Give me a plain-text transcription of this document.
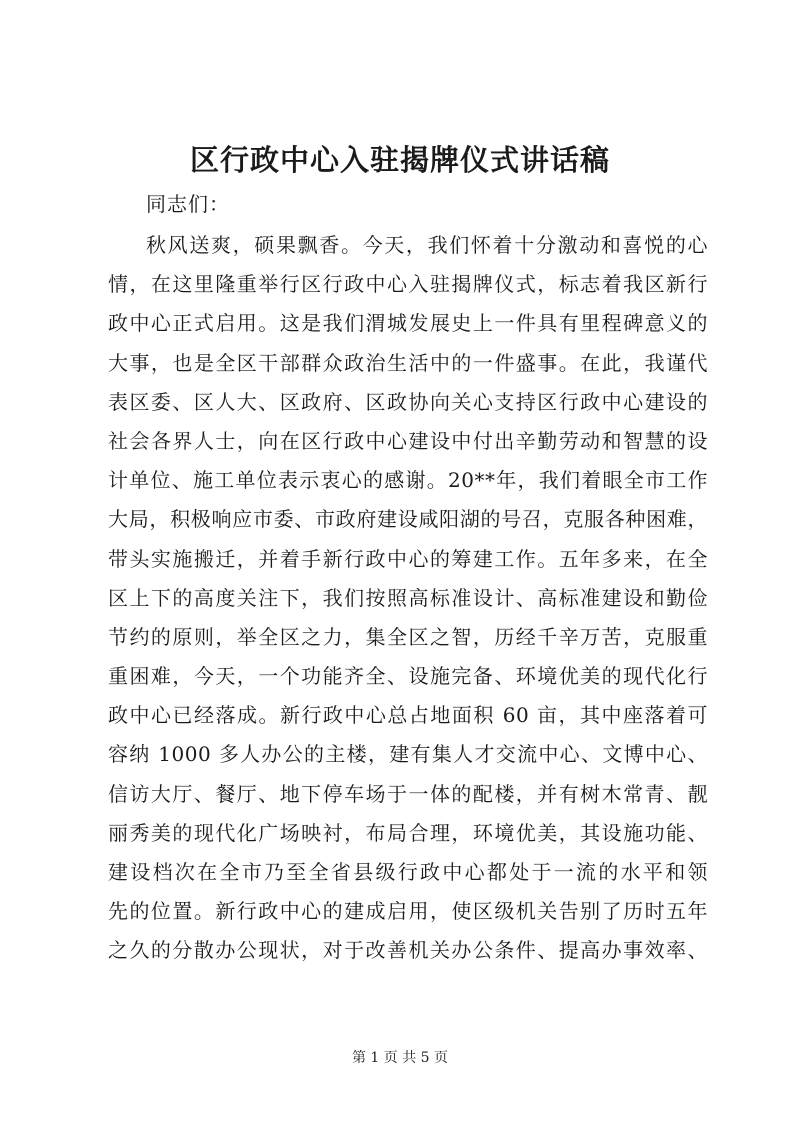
区行政中心入驻揭牌仪式讲话稿

同志们：

秋风送爽，硕果飘香。今天，我们怀着十分激动和喜悦的心
情，在这里隆重举行区行政中心入驻揭牌仪式，标志着我区新行
政中心正式启用。这是我们渭城发展史上一件具有里程碑意义的
大事，也是全区干部群众政治生活中的一件盛事。在此，我谨代
表区委、区人大、区政府、区政协向关心支持区行政中心建设的
社会各界人士，向在区行政中心建设中付出辛勤劳动和智慧的设
计单位、施工单位表示衷心的感谢。20**年，我们着眼全市工作
大局，积极响应市委、市政府建设咸阳湖的号召，克服各种困难，
带头实施搬迁，并着手新行政中心的筹建工作。五年多来，在全
区上下的高度关注下，我们按照高标准设计、高标准建设和勤俭
节约的原则，举全区之力，集全区之智，历经千辛万苦，克服重
重困难，今天，一个功能齐全、设施完备、环境优美的现代化行
政中心已经落成。新行政中心总占地面积 60 亩，其中座落着可
容纳 1000 多人办公的主楼，建有集人才交流中心、文博中心、
信访大厅、餐厅、地下停车场于一体的配楼，并有树木常青、靓
丽秀美的现代化广场映衬，布局合理，环境优美，其设施功能、
建设档次在全市乃至全省县级行政中心都处于一流的水平和领
先的位置。新行政中心的建成启用，使区级机关告别了历时五年
之久的分散办公现状，对于改善机关办公条件、提高办事效率、

第 1 页 共 5 页
